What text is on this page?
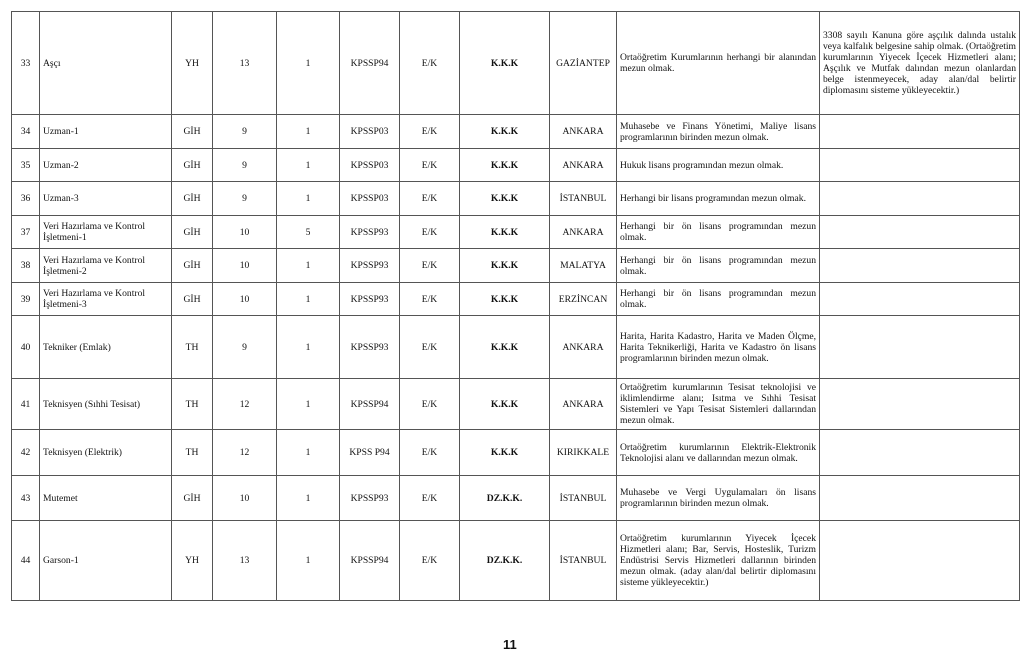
33	Aşçı	YH	13	1	KPSSP94	E/K	K.K.K	GAZİANTEP	Ortaöğretim Kurumlarının herhangi bir alanından mezun olmak.	3308 sayılı Kanuna göre aşçılık dalında ustalık veya kalfalık belgesine sahip olmak. (Ortaöğretim kurumlarının Yiyecek İçecek Hizmetleri alanı; Aşçılık ve Mutfak dalından mezun olanlardan belge istenmeyecek, aday alan/dal belirtir diplomasını sisteme yükleyecektir.)
34	Uzman-1	GİH	9	1	KPSSP03	E/K	K.K.K	ANKARA	Muhasebe ve Finans Yönetimi, Maliye lisans programlarının birinden mezun olmak.	
35	Uzman-2	GİH	9	1	KPSSP03	E/K	K.K.K	ANKARA	Hukuk lisans programından mezun olmak.	
36	Uzman-3	GİH	9	1	KPSSP03	E/K	K.K.K	İSTANBUL	Herhangi bir lisans programından mezun olmak.	
37	Veri Hazırlama ve Kontrol İşletmeni-1	GİH	10	5	KPSSP93	E/K	K.K.K	ANKARA	Herhangi bir ön lisans programından mezun olmak.	
38	Veri Hazırlama ve Kontrol İşletmeni-2	GİH	10	1	KPSSP93	E/K	K.K.K	MALATYA	Herhangi bir ön lisans programından mezun olmak.	
39	Veri Hazırlama ve Kontrol İşletmeni-3	GİH	10	1	KPSSP93	E/K	K.K.K	ERZİNCAN	Herhangi bir ön lisans programından mezun olmak.	
40	Tekniker (Emlak)	TH	9	1	KPSSP93	E/K	K.K.K	ANKARA	Harita, Harita Kadastro, Harita ve Maden Ölçme, Harita Teknikerliği, Harita ve Kadastro ön lisans programlarının birinden mezun olmak.	
41	Teknisyen (Sıhhi Tesisat)	TH	12	1	KPSSP94	E/K	K.K.K	ANKARA	Ortaöğretim kurumlarının Tesisat teknolojisi ve iklimlendirme alanı; Isıtma ve Sıhhi Tesisat Sistemleri ve Yapı Tesisat Sistemleri dallarından mezun olmak.	
42	Teknisyen (Elektrik)	TH	12	1	KPSS P94	E/K	K.K.K	KIRIKKALE	Ortaöğretim kurumlarının Elektrik-Elektronik Teknolojisi alanı ve dallarından mezun olmak.	
43	Mutemet	GİH	10	1	KPSSP93	E/K	DZ.K.K.	İSTANBUL	Muhasebe ve Vergi Uygulamaları ön lisans programlarının birinden mezun olmak.	
44	Garson-1	YH	13	1	KPSSP94	E/K	DZ.K.K.	İSTANBUL	Ortaöğretim kurumlarının Yiyecek İçecek Hizmetleri alanı; Bar, Servis, Hosteslik, Turizm Endüstrisi Servis Hizmetleri dallarının birinden mezun olmak. (aday alan/dal belirtir diplomasını sisteme yükleyecektir.)	
11
